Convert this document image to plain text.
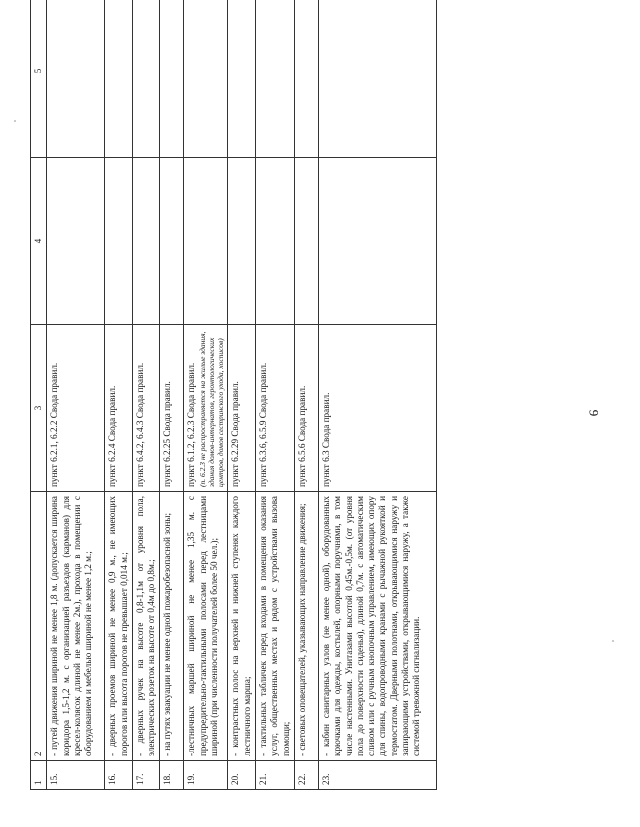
9
1	2	3	4	5
15.	- путей движения шириной не менее 1,8 м. (допускается ширина коридора 1,5-1,2 м. с организацией разъездов (карманов) для кресел-колясок длиной не менее 2м.), прохода в помещении с оборудованием и мебелью шириной не менее 1,2 м.;	пункт 6.2.1, 6.2.2 Свода правил.		

16.	- дверных проемов шириной не менее 0,9 м., не имеющих порогов или высота порогов не превышает 0,014 м.;	пункт 6.2.4 Свода правил.		

17.	- дверных ручек на высоте 0,8-1,1м от уровня пола, электрических розеток на высоте от 0,4м до 0,8м.;	пункт 6.4.2, 6.4.3 Свода правил.		

18.	- на путях эвакуации не менее одной пожаробезопасной зоны;	пункт 6.2.25 Свода правил.		

19.	-лестничных маршей шириной не менее 1,35 м. с предупредительно-тактильными полосами перед лестницами шириной (при численности получателей более 50 чел.);	пункт 6.1.2, 6.2.3 Свода правил. (п. 6.2.3 не распространяется на жилые здания, здания домов-интернатов, геронтологических центров, домов сестринского ухода, хосписов)		

20.	- контрастных полос на верхней и нижней ступенях каждого лестничного марша;	пункт 6.2.29 Свода правил.		

21.	- тактильных табличек перед входами в помещения оказания услуг, общественных местах и рядом с устройствами вызова помощи;	пункт 6.3.6, 6.5.9 Свода правил.		

22.	- световых оповещателей, указывающих направление движения;	пункт 6.5.6 Свода правил.		

23.	- кабин санитарных узлов (не менее одной), оборудованных крючками для одежды, костылей, опорными поручнями, в том числе настенными. Унитазами высотой 0,45м.-0,5м. (от уровня пола до поверхности сиденья), длиной 0,7м. с автоматическим сливом или с ручным кнопочным управлением, имеющих опору для спины, водопроводными кранами с рычажной рукояткой и термостатом. Дверными полотнами, открывающимися наружу и запирающими устройствами, открывающимися наружу, а также системой тревожной сигнализации.	пункт 6.3 Свода правил.		
